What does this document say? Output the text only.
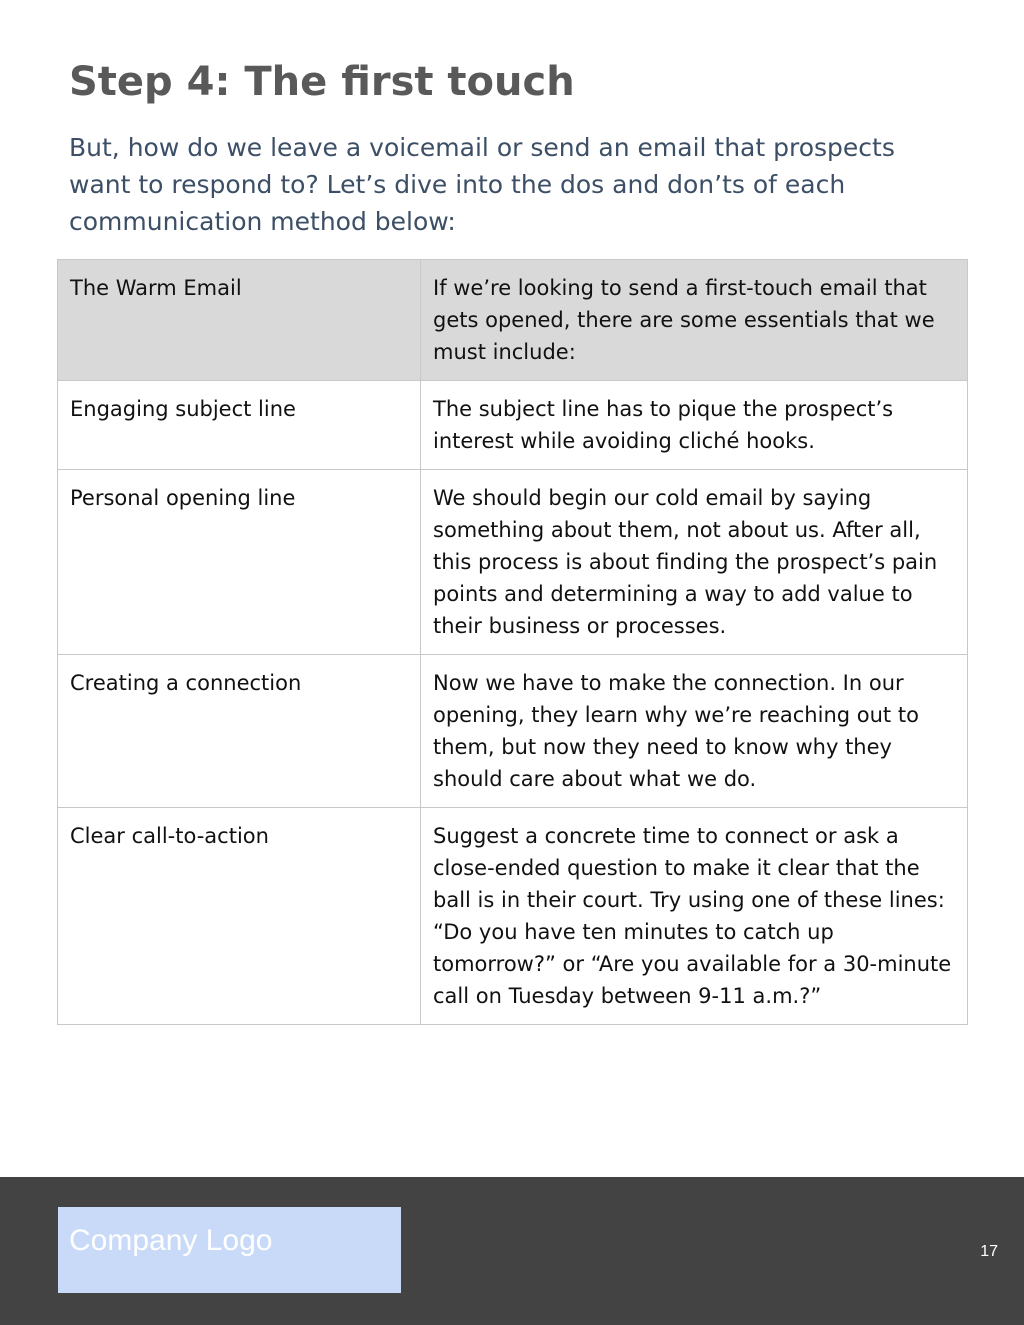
Step 4: The first touch

But, how do we leave a voicemail or send an email that prospects want to respond to? Let’s dive into the dos and don’ts of each communication method below:

The Warm Email	If we’re looking to send a first-touch email that gets opened, there are some essentials that we must include:
Engaging subject line	The subject line has to pique the prospect’s interest while avoiding cliché hooks.
Personal opening line	We should begin our cold email by saying something about them, not about us. After all, this process is about finding the prospect’s pain points and determining a way to add value to their business or processes.
Creating a connection	Now we have to make the connection. In our opening, they learn why we’re reaching out to them, but now they need to know why they should care about what we do.
Clear call-to-action	Suggest a concrete time to connect or ask a close-ended question to make it clear that the ball is in their court. Try using one of these lines: “Do you have ten minutes to catch up tomorrow?” or “Are you available for a 30-minute call on Tuesday between 9-11 a.m.?”
Company Logo	17
